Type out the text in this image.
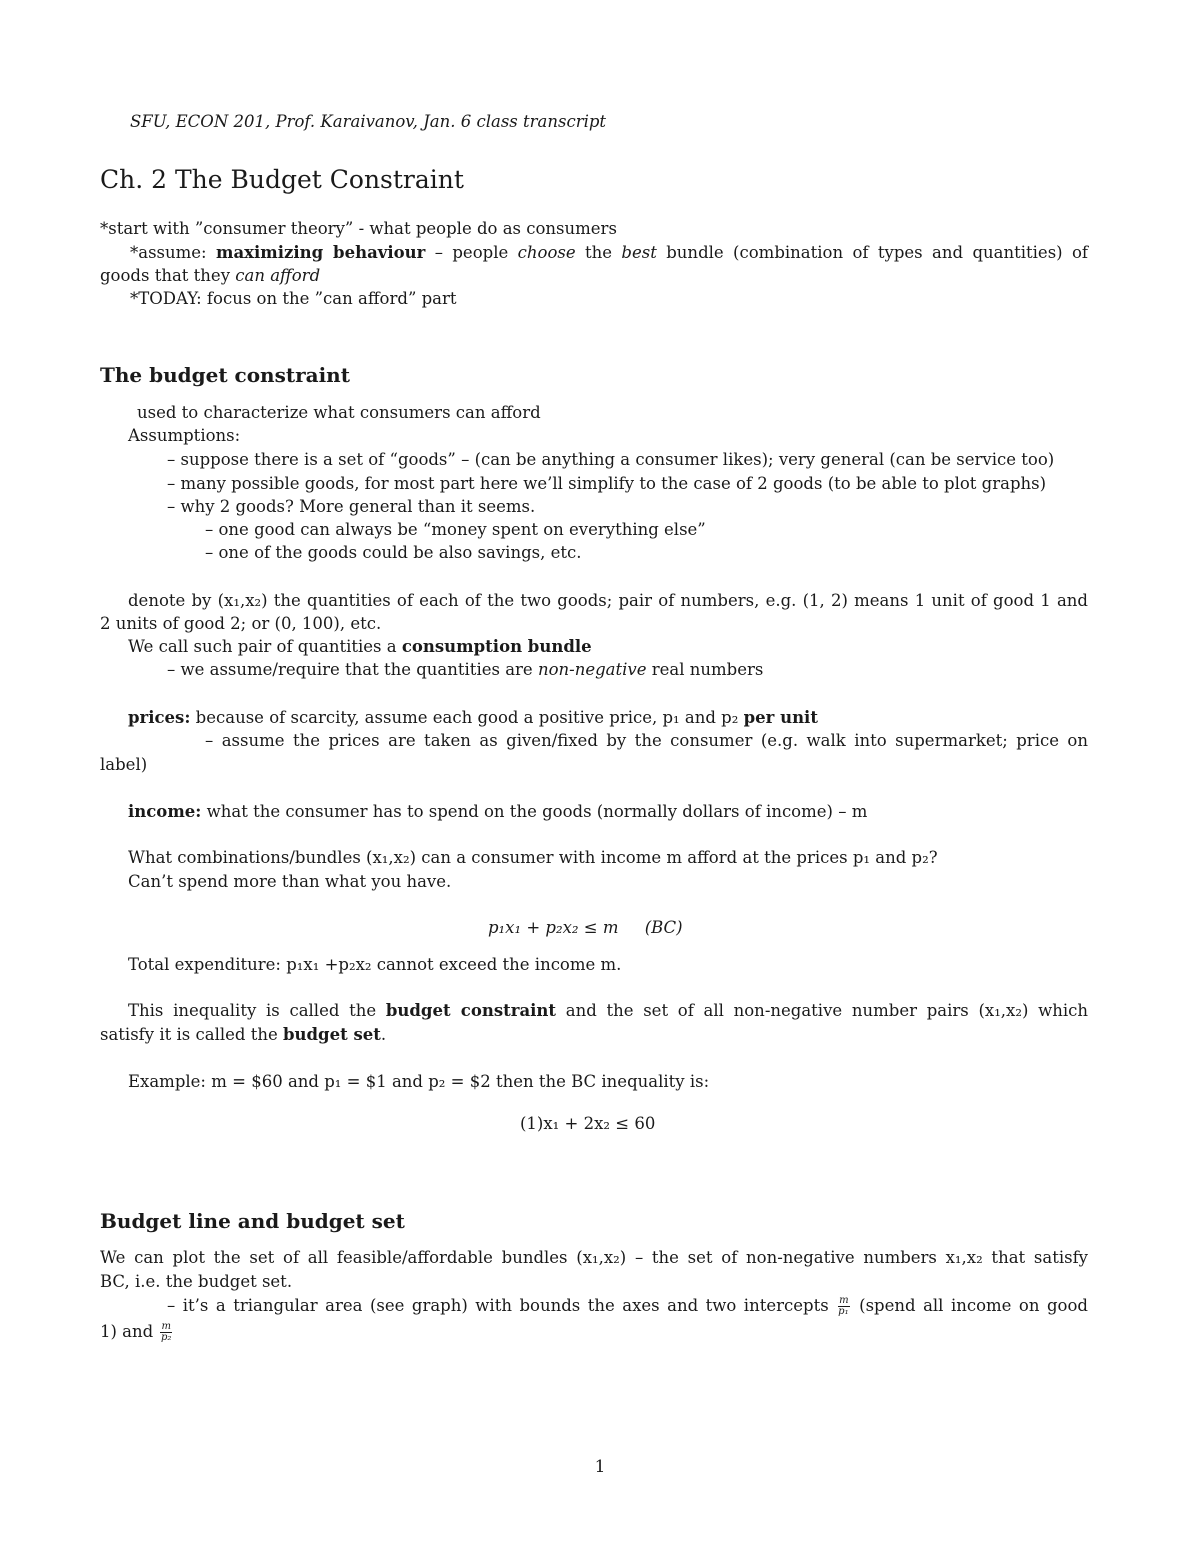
SFU, ECON 201, Prof. Karaivanov, Jan. 6 class transcript
Ch. 2 The Budget Constraint
*start with ”consumer theory” - what people do as consumers
*assume: maximizing behaviour – people choose the best bundle (combination of types and quantities) of
goods that they can afford
*TODAY: focus on the ”can afford” part
The budget constraint
used to characterize what consumers can afford
Assumptions:
– suppose there is a set of “goods” – (can be anything a consumer likes); very general (can be service too)
– many possible goods, for most part here we’ll simplify to the case of 2 goods (to be able to plot graphs)
– why 2 goods? More general than it seems.
– one good can always be “money spent on everything else”
– one of the goods could be also savings, etc.
denote by (x₁,x₂) the quantities of each of the two goods; pair of numbers, e.g. (1, 2) means 1 unit of good 1 and
2 units of good 2; or (0, 100), etc.
We call such pair of quantities a consumption bundle
– we assume/require that the quantities are non-negative real numbers
prices: because of scarcity, assume each good a positive price, p₁ and p₂ per unit
– assume the prices are taken as given/fixed by the consumer (e.g. walk into supermarket; price on
label)
income: what the consumer has to spend on the goods (normally dollars of income) – m
What combinations/bundles (x₁,x₂) can a consumer with income m afford at the prices p₁ and p₂?
Can’t spend more than what you have.
p₁x₁ + p₂x₂ ≤ m     (BC)
Total expenditure: p₁x₁ +p₂x₂ cannot exceed the income m.
This inequality is called the budget constraint and the set of all non-negative number pairs (x₁,x₂) which
satisfy it is called the budget set.
Example: m = $60 and p₁ = $1 and p₂ = $2 then the BC inequality is:
(1)x₁ + 2x₂ ≤ 60
Budget line and budget set
We can plot the set of all feasible/affordable bundles (x₁,x₂) – the set of non-negative numbers x₁,x₂ that satisfy
BC, i.e. the budget set.
– it’s a triangular area (see graph) with bounds the axes and two intercepts $\frac{m}{\text{p₁}}$ (spend all income on good
1) and $\frac{m}{\text{p₂}}$
1
